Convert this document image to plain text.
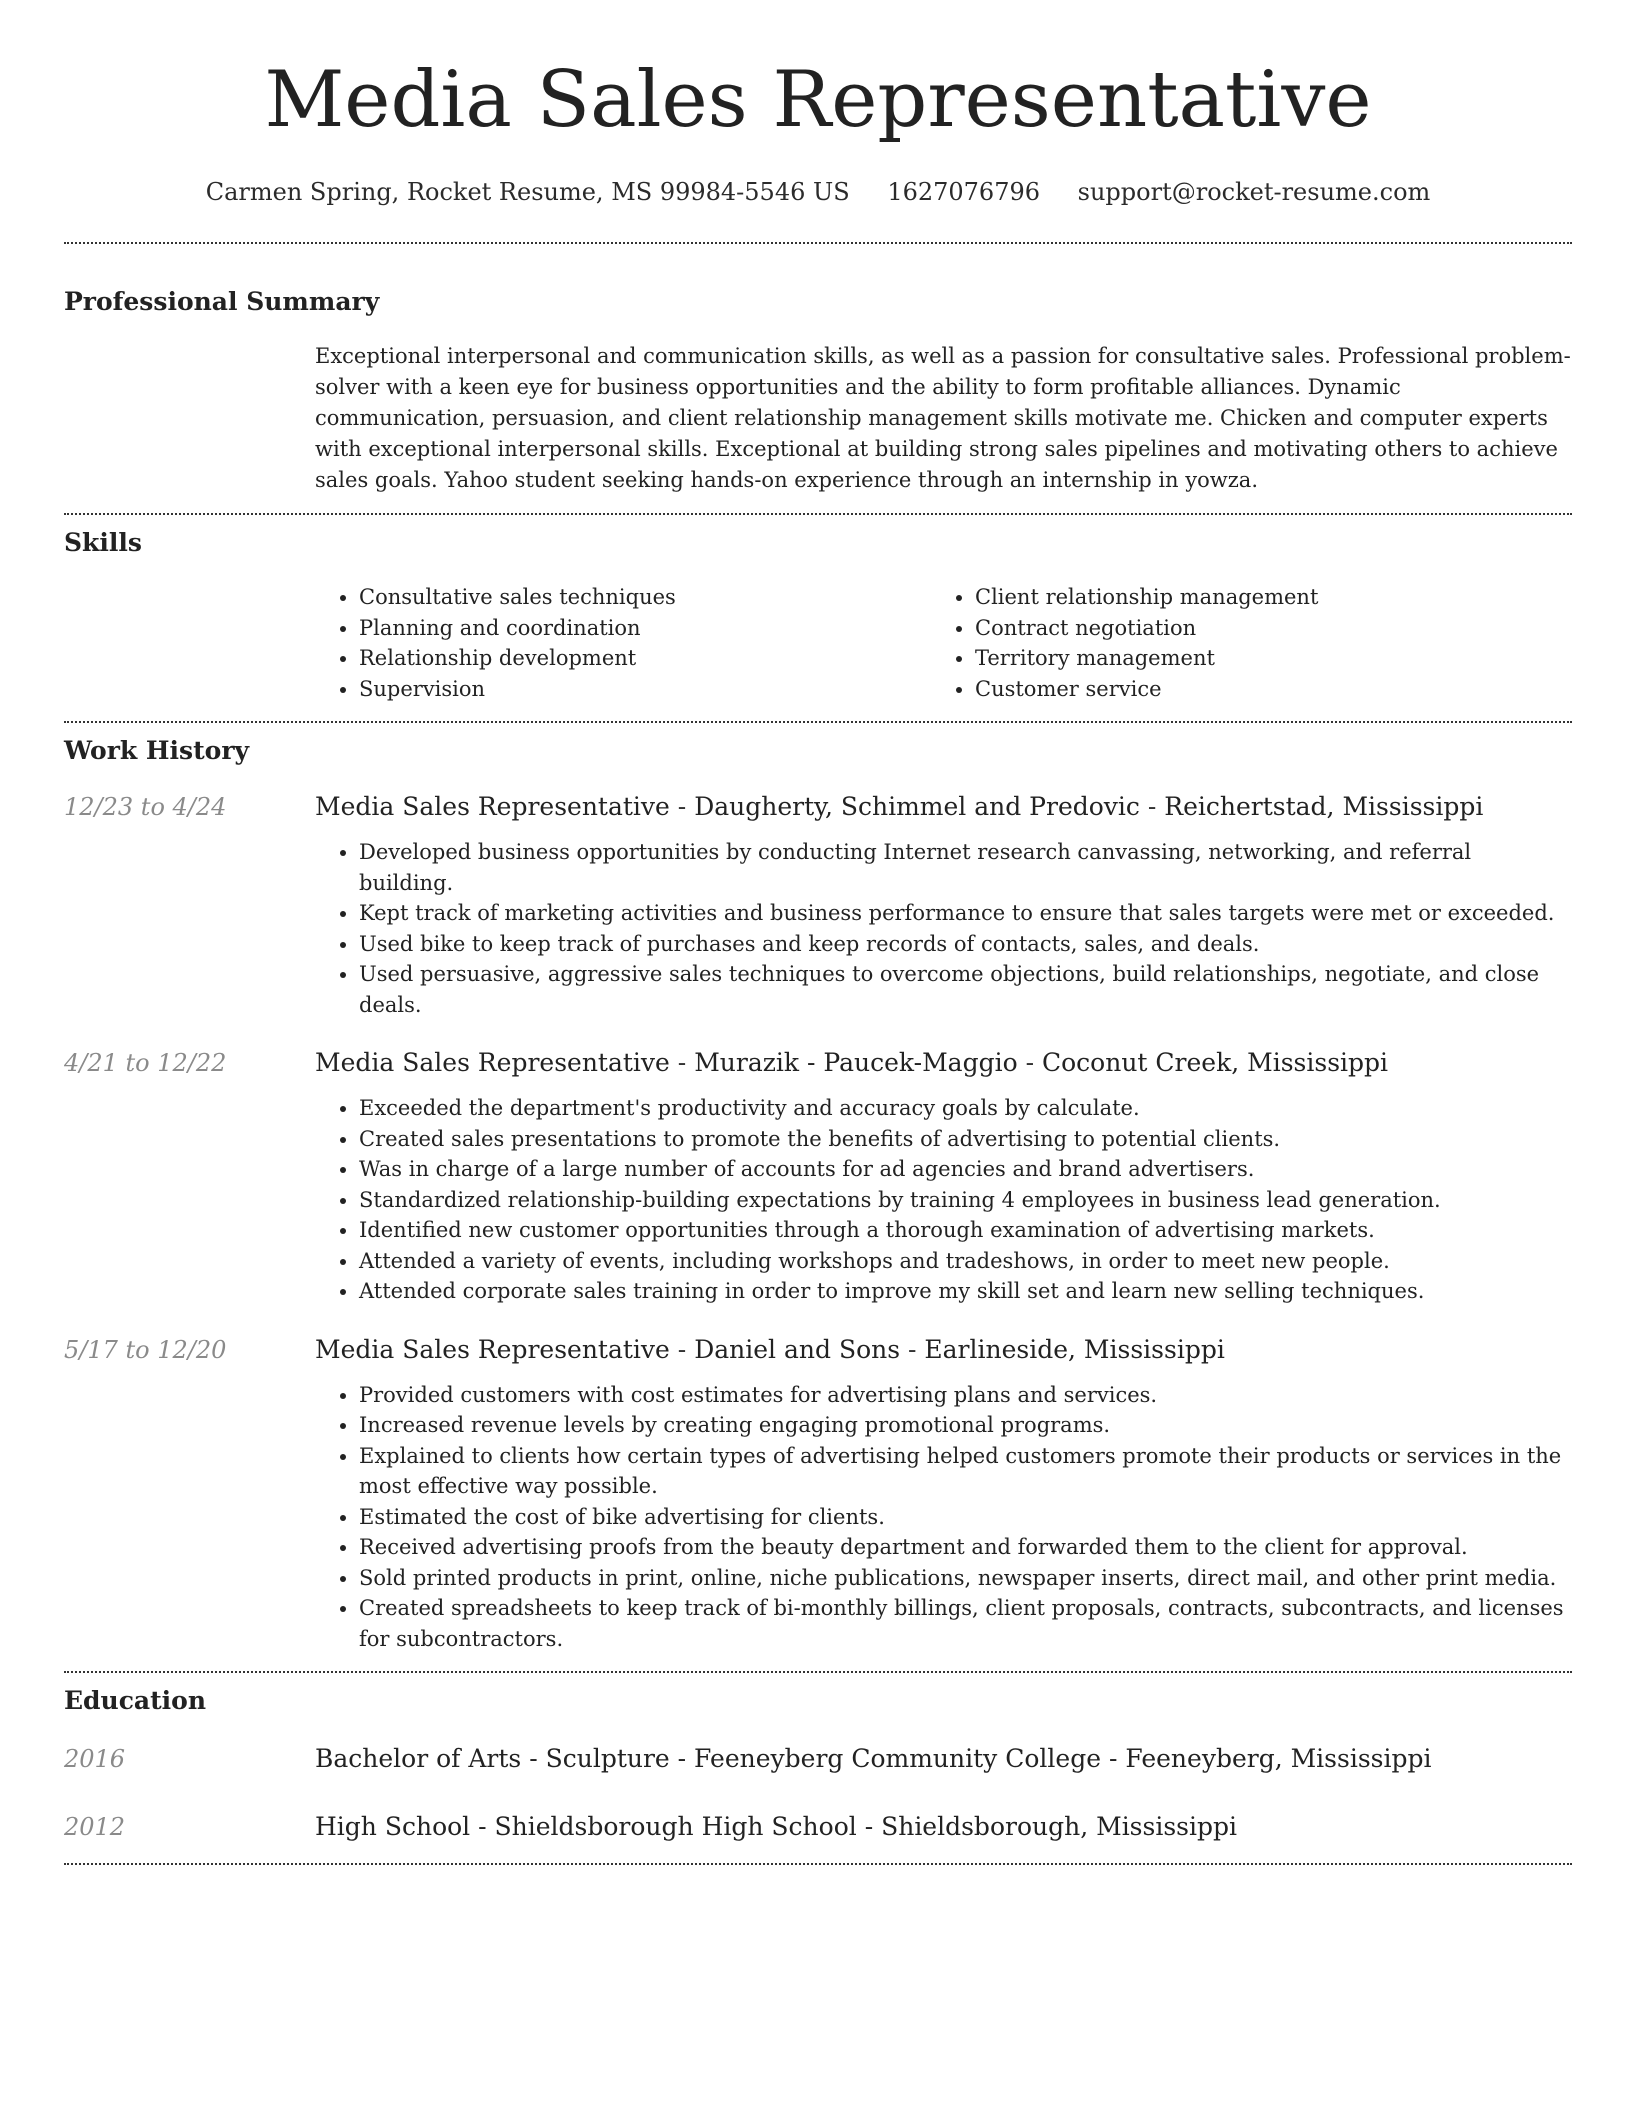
Media Sales Representative
Carmen Spring, Rocket Resume, MS 99984-5546 US 1627076796 support@rocket-resume.com
Professional Summary

Exceptional interpersonal and communication skills, as well as a passion for consultative sales. Professional problem-solver with a keen eye for business opportunities and the ability to form profitable alliances. Dynamic communication, persuasion, and client relationship management skills motivate me. Chicken and computer experts with exceptional interpersonal skills. Exceptional at building strong sales pipelines and motivating others to achieve sales goals. Yahoo student seeking hands-on experience through an internship in yowza.

Skills
• Consultative sales techniques
• Planning and coordination
• Relationship development
• Supervision
• Client relationship management
• Contract negotiation
• Territory management
• Customer service
Work History
12/23 to 4/24	Media Sales Representative - Daugherty, Schimmel and Predovic - Reichertstad, Mississippi
• Developed business opportunities by conducting Internet research canvassing, networking, and referral building.
• Kept track of marketing activities and business performance to ensure that sales targets were met or exceeded.
• Used bike to keep track of purchases and keep records of contacts, sales, and deals.
• Used persuasive, aggressive sales techniques to overcome objections, build relationships, negotiate, and close deals.
4/21 to 12/22	Media Sales Representative - Murazik - Paucek-Maggio - Coconut Creek, Mississippi
• Exceeded the department's productivity and accuracy goals by calculate.
• Created sales presentations to promote the benefits of advertising to potential clients.
• Was in charge of a large number of accounts for ad agencies and brand advertisers.
• Standardized relationship-building expectations by training 4 employees in business lead generation.
• Identified new customer opportunities through a thorough examination of advertising markets.
• Attended a variety of events, including workshops and tradeshows, in order to meet new people.
• Attended corporate sales training in order to improve my skill set and learn new selling techniques.
5/17 to 12/20	Media Sales Representative - Daniel and Sons - Earlineside, Mississippi
• Provided customers with cost estimates for advertising plans and services.
• Increased revenue levels by creating engaging promotional programs.
• Explained to clients how certain types of advertising helped customers promote their products or services in the most effective way possible.
• Estimated the cost of bike advertising for clients.
• Received advertising proofs from the beauty department and forwarded them to the client for approval.
• Sold printed products in print, online, niche publications, newspaper inserts, direct mail, and other print media.
• Created spreadsheets to keep track of bi-monthly billings, client proposals, contracts, subcontracts, and licenses for subcontractors.
Education
2016	Bachelor of Arts - Sculpture - Feeneyberg Community College - Feeneyberg, Mississippi
2012	High School - Shieldsborough High School - Shieldsborough, Mississippi
